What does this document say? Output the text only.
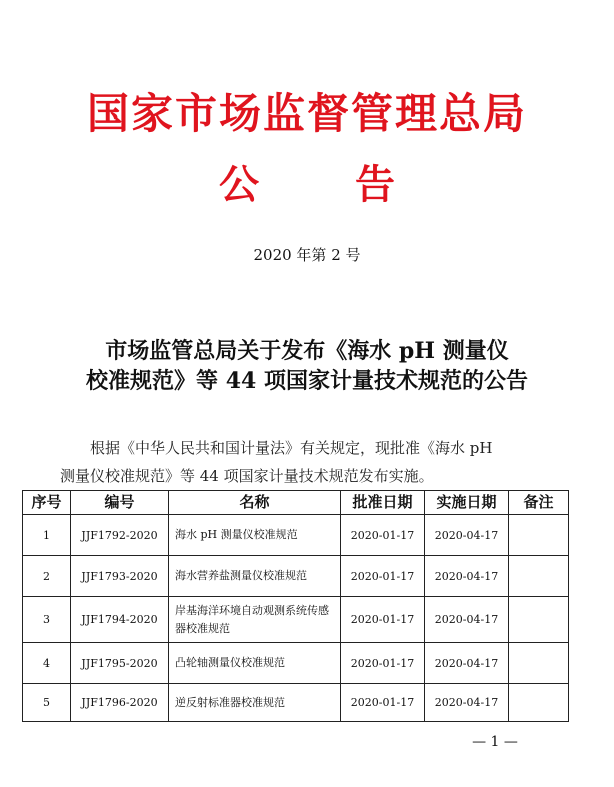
国家市场监督管理总局
公 告
2020 年第 2 号
市场监管总局关于发布《海水 pH 测量仪
校准规范》等 44 项国家计量技术规范的公告
根据《中华人民共和国计量法》有关规定，现批准《海水 pH
测量仪校准规范》等 44 项国家计量技术规范发布实施。
序号	编号	名称	批准日期	实施日期	备注
1	JJF1792-2020	海水 pH 测量仪校准规范	2020-01-17	2020-04-17	
2	JJF1793-2020	海水营养盐测量仪校准规范	2020-01-17	2020-04-17	
3	JJF1794-2020	岸基海洋环境自动观测系统传感器校准规范	2020-01-17	2020-04-17	
4	JJF1795-2020	凸轮轴测量仪校准规范	2020-01-17	2020-04-17	
5	JJF1796-2020	逆反射标准器校准规范	2020-01-17	2020-04-17	
— 1 —
